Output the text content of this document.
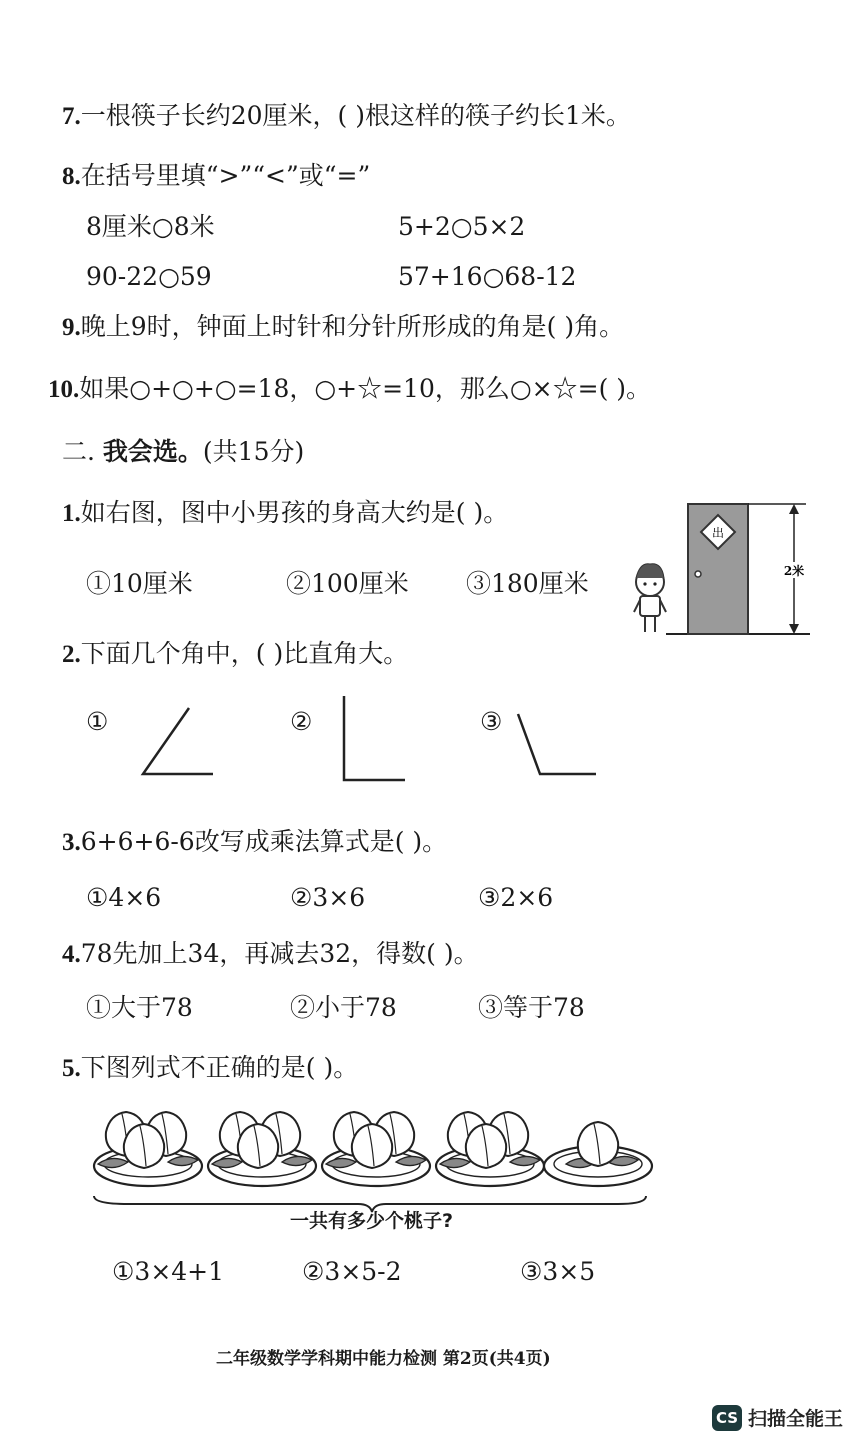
7.一根筷子长约20厘米，( )根这样的筷子约长1米。
8.在括号里填“>”“<”或“=”
8厘米○8米	5+2○5×2
90-22○59	57+16○68-12
9.晚上9时，钟面上时针和分针所形成的角是( )角。
10.如果○+○+○=18，○+☆=10，那么○×☆=( )。
二. 我会选。(共15分)
1.如右图，图中小男孩的身高大约是( )。
①10厘米	②100厘米 ③180厘米
出
2米
2.下面几个角中，( )比直角大。
①	②	③
3.6+6+6-6改写成乘法算式是( )。
①4×6	②3×6	③2×6
4.78先加上34，再减去32，得数( )。
①大于78	②小于78	③等于78
5.下图列式不正确的是( )。
一共有多少个桃子?
①3×4+1	②3×5-2	③3×5
二年级数学学科期中能力检测 第2页(共4页)
CS 扫描全能王
